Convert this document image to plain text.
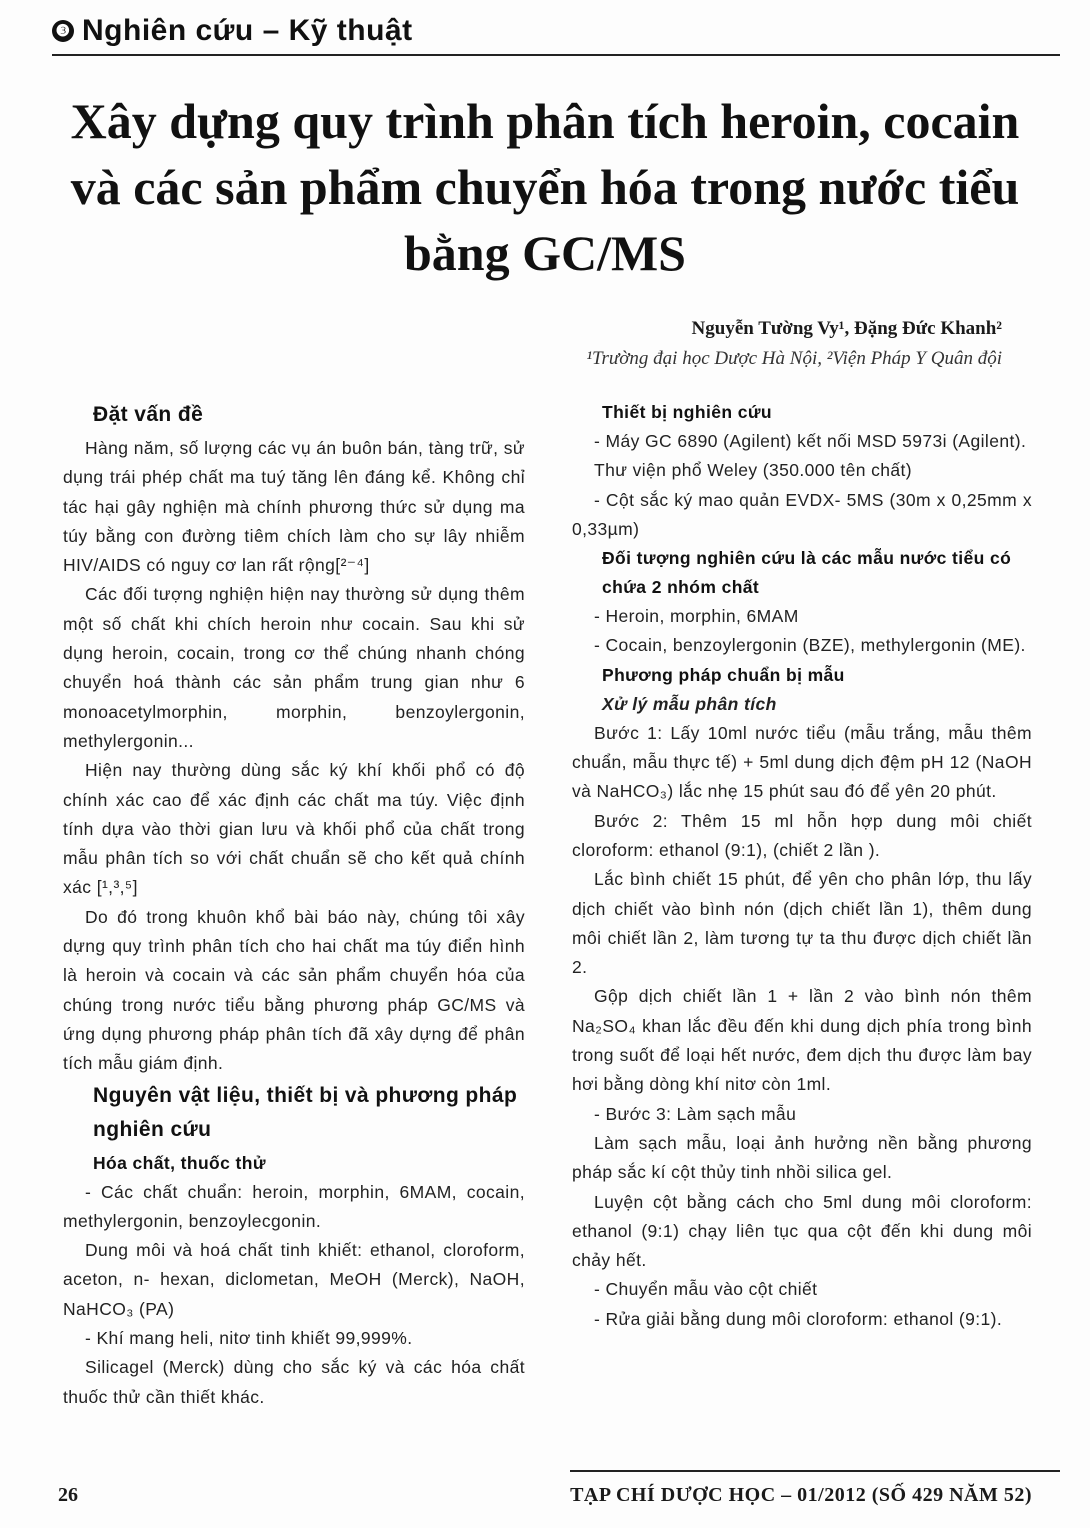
❸ Nghiên cứu – Kỹ thuật
Xây dựng quy trình phân tích heroin, cocain và các sản phẩm chuyển hóa trong nước tiểu bằng GC/MS
Nguyễn Tường Vy¹, Đặng Đức Khanh²
¹Trường đại học Dược Hà Nội, ²Viện Pháp Y Quân đội
Đặt vấn đề
Hàng năm, số lượng các vụ án buôn bán, tàng trữ, sử dụng trái phép chất ma tuý tăng lên đáng kể. Không chỉ tác hại gây nghiện mà chính phương thức sử dụng ma túy bằng con đường tiêm chích làm cho sự lây nhiễm HIV/AIDS có nguy cơ lan rất rộng[²⁻⁴]
Các đối tượng nghiện hiện nay thường sử dụng thêm một số chất khi chích heroin như cocain. Sau khi sử dụng heroin, cocain, trong cơ thể chúng nhanh chóng chuyển hoá thành các sản phẩm trung gian như 6 monoacetylmorphin, morphin, benzoylergonin, methylergonin...
Hiện nay thường dùng sắc ký khí khối phổ có độ chính xác cao để xác định các chất ma túy. Việc định tính dựa vào thời gian lưu và khối phổ của chất trong mẫu phân tích so với chất chuẩn sẽ cho kết quả chính xác [¹,³,⁵]
Do đó trong khuôn khổ bài báo này, chúng tôi xây dựng quy trình phân tích cho hai chất ma túy điển hình là heroin và cocain và các sản phẩm chuyển hóa của chúng trong nước tiểu bằng phương pháp GC/MS và ứng dụng phương pháp phân tích đã xây dựng để phân tích mẫu giám định.
Nguyên vật liệu, thiết bị và phương pháp nghiên cứu
Hóa chất, thuốc thử
- Các chất chuẩn: heroin, morphin, 6MAM, cocain, methylergonin, benzoylecgonin.
Dung môi và hoá chất tinh khiết: ethanol, cloroform, aceton, n- hexan, diclometan, MeOH (Merck), NaOH, NaHCO₃ (PA)
- Khí mang heli, nitơ tinh khiết 99,999%.
Silicagel (Merck) dùng cho sắc ký và các hóa chất thuốc thử cần thiết khác.
Thiết bị nghiên cứu
- Máy GC 6890 (Agilent) kết nối MSD 5973i (Agilent).
Thư viện phổ Weley (350.000 tên chất)
- Cột sắc ký mao quản EVDX- 5MS (30m x 0,25mm x 0,33µm)
Đối tượng nghiên cứu là các mẫu nước tiểu có chứa 2 nhóm chất
- Heroin, morphin, 6MAM
- Cocain, benzoylergonin (BZE), methylergonin (ME).
Phương pháp chuẩn bị mẫu
Xử lý mẫu phân tích
Bước 1: Lấy 10ml nước tiểu (mẫu trắng, mẫu thêm chuẩn, mẫu thực tế) + 5ml dung dịch đệm pH 12 (NaOH và NaHCO₃) lắc nhẹ 15 phút sau đó để yên 20 phút.
Bước 2: Thêm 15 ml hỗn hợp dung môi chiết cloroform: ethanol (9:1), (chiết 2 lần ).
Lắc bình chiết 15 phút, để yên cho phân lớp, thu lấy dịch chiết vào bình nón (dịch chiết lần 1), thêm dung môi chiết lần 2, làm tương tự ta thu được dịch chiết lần 2.
Gộp dịch chiết lần 1 + lần 2 vào bình nón thêm Na₂SO₄ khan lắc đều đến khi dung dịch phía trong bình trong suốt để loại hết nước, đem dịch thu được làm bay hơi bằng dòng khí nitơ còn 1ml.
- Bước 3: Làm sạch mẫu
Làm sạch mẫu, loại ảnh hưởng nền bằng phương pháp sắc kí cột thủy tinh nhồi silica gel.
Luyện cột bằng cách cho 5ml dung môi cloroform: ethanol (9:1) chạy liên tục qua cột đến khi dung môi chảy hết.
- Chuyển mẫu vào cột chiết
- Rửa giải bằng dung môi cloroform: ethanol (9:1).
26	TẠP CHÍ DƯỢC HỌC – 01/2012 (SỐ 429 NĂM 52)
